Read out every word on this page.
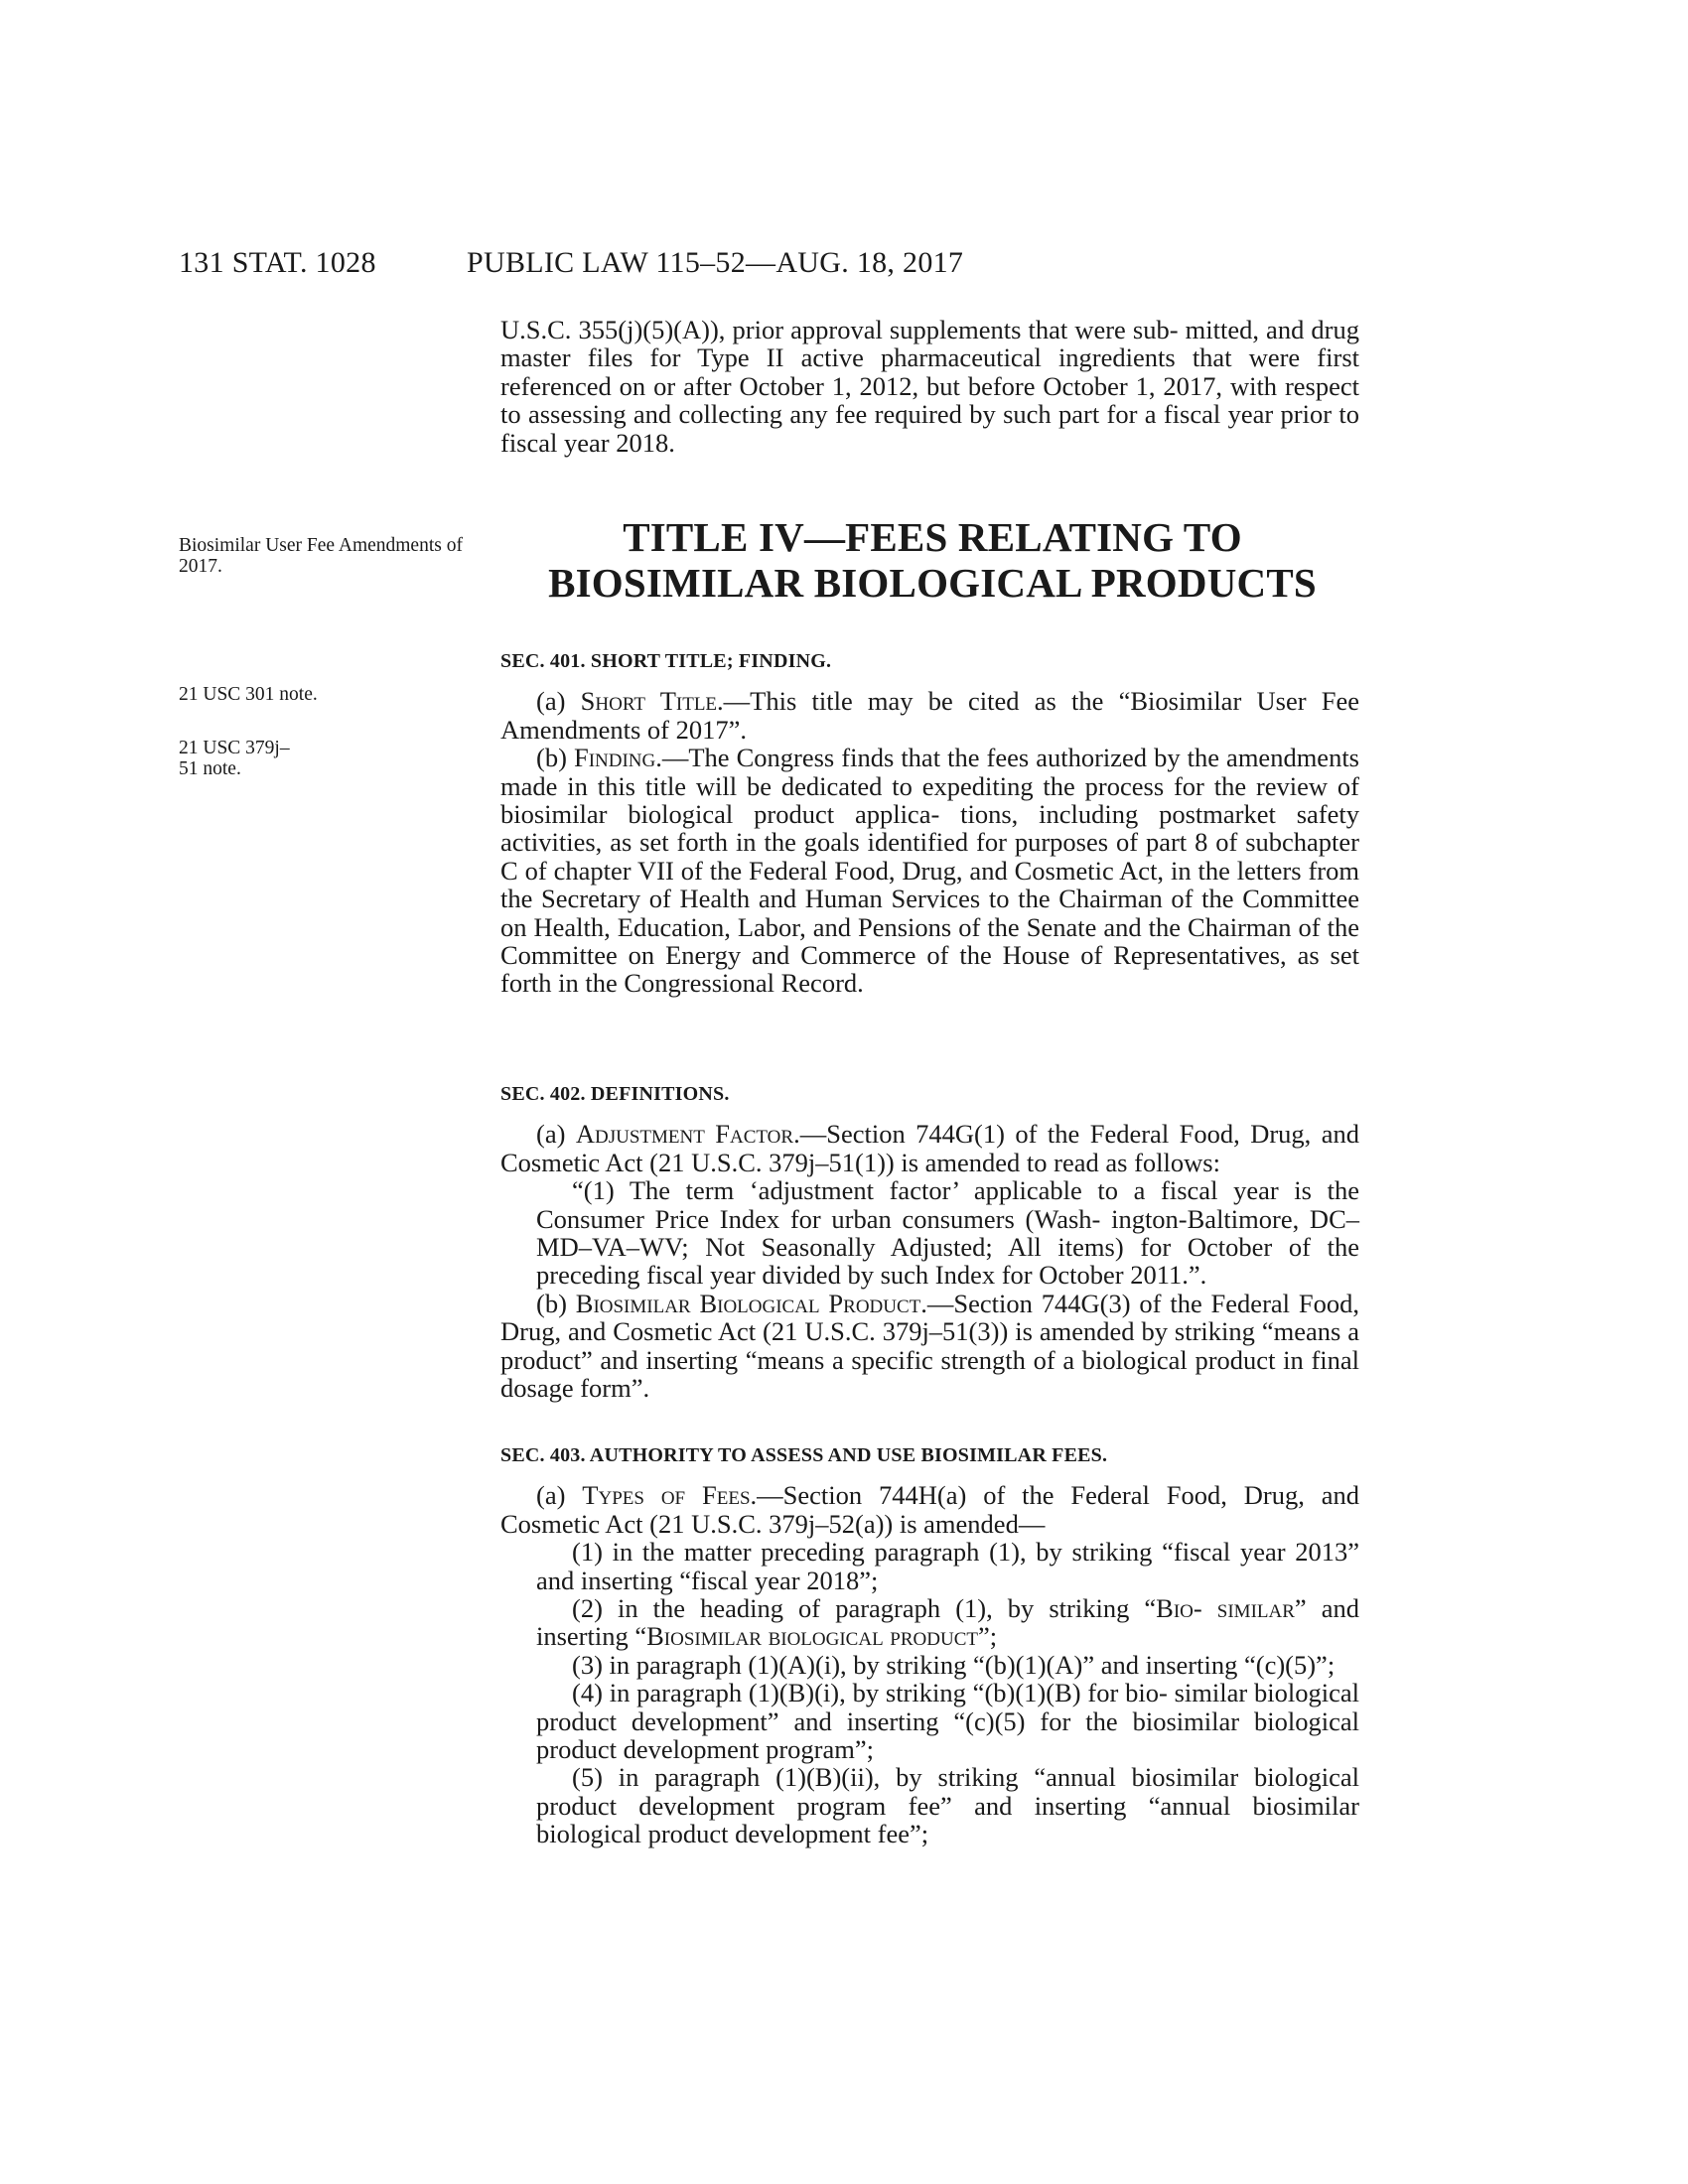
131 STAT. 1028	PUBLIC LAW 115–52—AUG. 18, 2017

U.S.C. 355(j)(5)(A)), prior approval supplements that were sub- mitted, and drug master files for Type II active pharmaceutical ingredients that were first referenced on or after October 1, 2012, but before October 1, 2017, with respect to assessing and collecting any fee required by such part for a fiscal year prior to fiscal year 2018.

Biosimilar User Fee Amendments of 2017.
TITLE IV—FEES RELATING TO
BIOSIMILAR BIOLOGICAL PRODUCTS
21 USC 301 note.
21 USC 379j–51 note.

SEC. 401. SHORT TITLE; FINDING.

(a) Short Title.—This title may be cited as the “Biosimilar User Fee Amendments of 2017”.

(b) Finding.—The Congress finds that the fees authorized by the amendments made in this title will be dedicated to expediting the process for the review of biosimilar biological product applica- tions, including postmarket safety activities, as set forth in the goals identified for purposes of part 8 of subchapter C of chapter VII of the Federal Food, Drug, and Cosmetic Act, in the letters from the Secretary of Health and Human Services to the Chairman of the Committee on Health, Education, Labor, and Pensions of the Senate and the Chairman of the Committee on Energy and Commerce of the House of Representatives, as set forth in the Congressional Record.

SEC. 402. DEFINITIONS.

(a) Adjustment Factor.—Section 744G(1) of the Federal Food, Drug, and Cosmetic Act (21 U.S.C. 379j–51(1)) is amended to read as follows:

“(1) The term ‘adjustment factor’ applicable to a fiscal year is the Consumer Price Index for urban consumers (Wash- ington-Baltimore, DC–MD–VA–WV; Not Seasonally Adjusted; All items) for October of the preceding fiscal year divided by such Index for October 2011.”.

(b) Biosimilar Biological Product.—Section 744G(3) of the Federal Food, Drug, and Cosmetic Act (21 U.S.C. 379j–51(3)) is amended by striking “means a product” and inserting “means a specific strength of a biological product in final dosage form”.

SEC. 403. AUTHORITY TO ASSESS AND USE BIOSIMILAR FEES.

(a) Types of Fees.—Section 744H(a) of the Federal Food, Drug, and Cosmetic Act (21 U.S.C. 379j–52(a)) is amended—

(1) in the matter preceding paragraph (1), by striking “fiscal year 2013” and inserting “fiscal year 2018”;

(2) in the heading of paragraph (1), by striking “Bio- similar” and inserting “Biosimilar biological product”;

(3) in paragraph (1)(A)(i), by striking “(b)(1)(A)” and inserting “(c)(5)”;

(4) in paragraph (1)(B)(i), by striking “(b)(1)(B) for bio- similar biological product development” and inserting “(c)(5) for the biosimilar biological product development program”;

(5) in paragraph (1)(B)(ii), by striking “annual biosimilar biological product development program fee” and inserting “annual biosimilar biological product development fee”;
